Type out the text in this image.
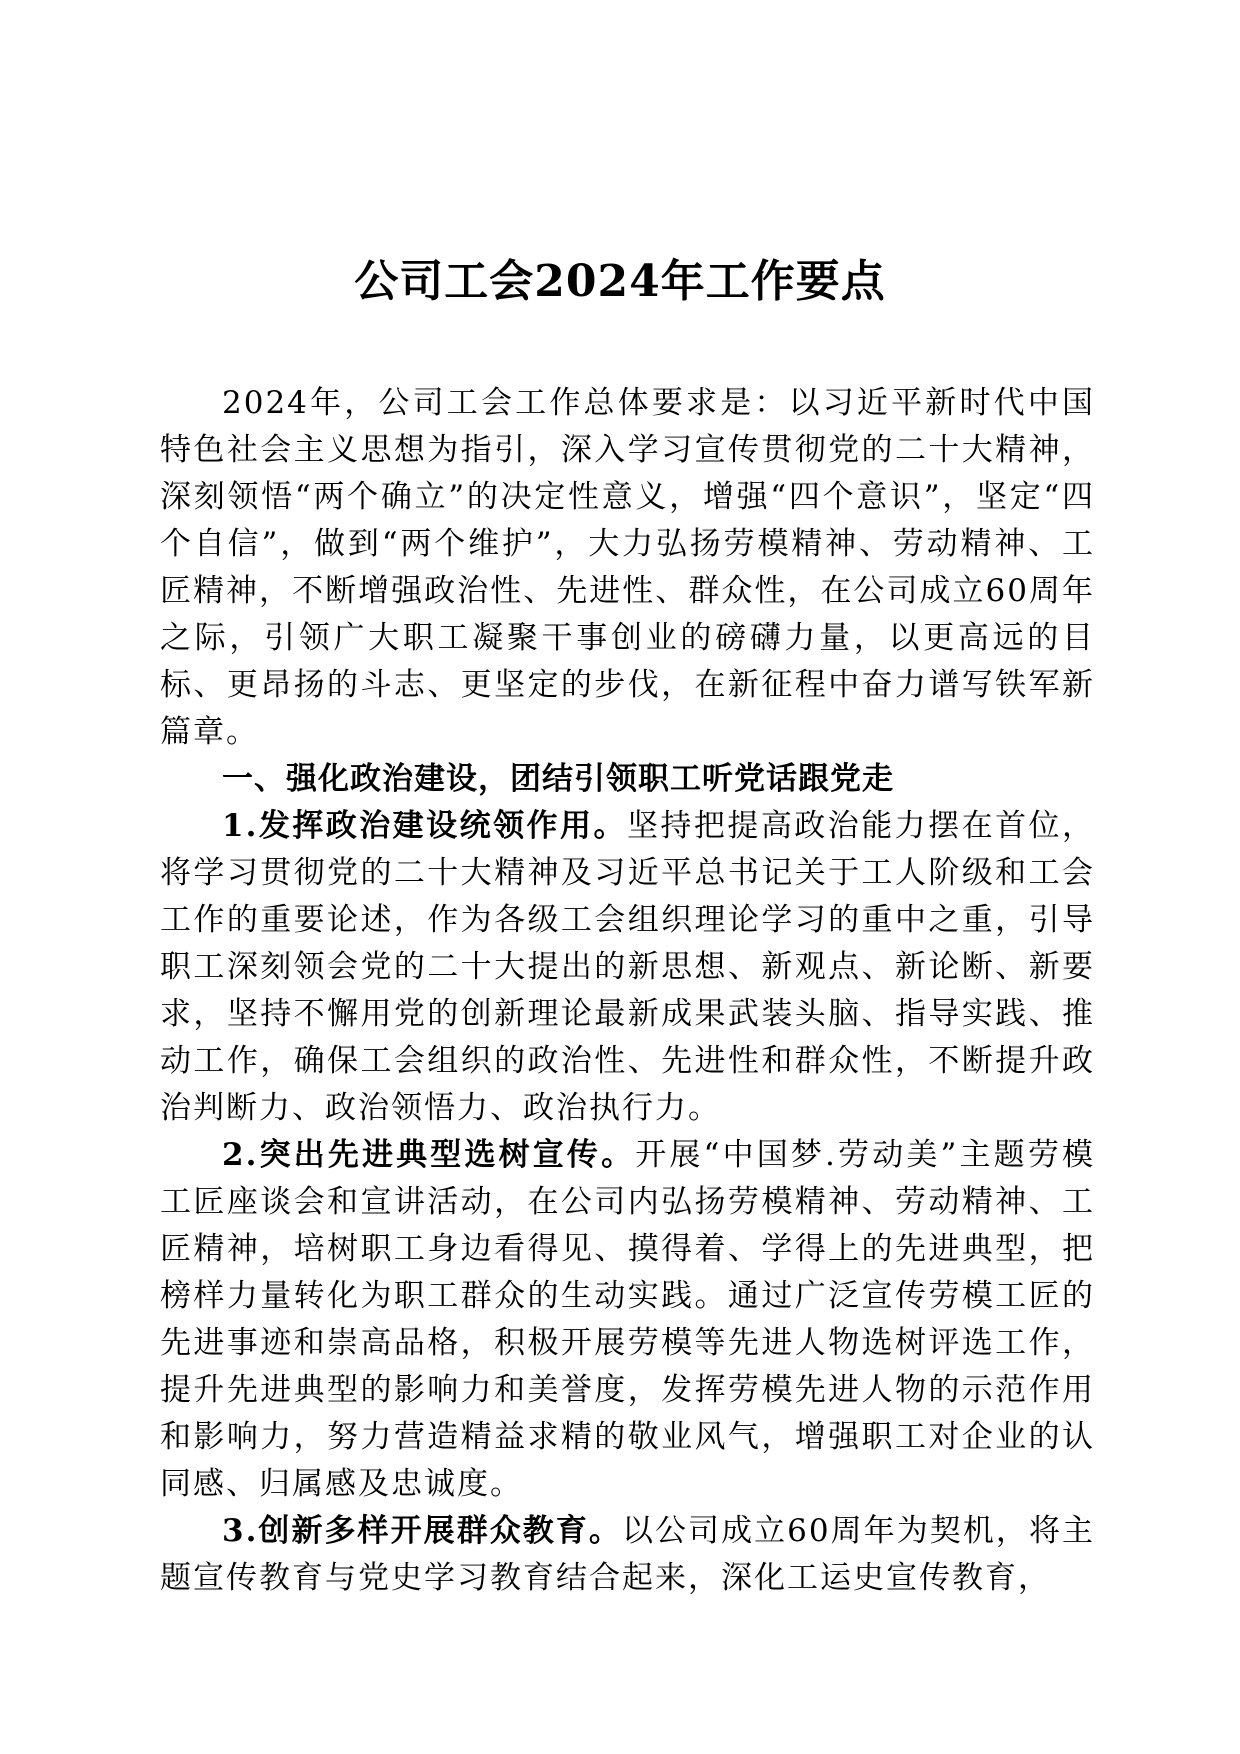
公司工会2024年工作要点

2024年，公司工会工作总体要求是：以习近平新时代中国特色社会主义思想为指引，深入学习宣传贯彻党的二十大精神，深刻领悟“两个确立”的决定性意义，增强“四个意识”，坚定“四个自信”，做到“两个维护”，大力弘扬劳模精神、劳动精神、工匠精神，不断增强政治性、先进性、群众性，在公司成立60周年之际，引领广大职工凝聚干事创业的磅礴力量，以更高远的目标、更昂扬的斗志、更坚定的步伐，在新征程中奋力谱写铁军新篇章。

一、强化政治建设，团结引领职工听党话跟党走

1.发挥政治建设统领作用。坚持把提高政治能力摆在首位，将学习贯彻党的二十大精神及习近平总书记关于工人阶级和工会工作的重要论述，作为各级工会组织理论学习的重中之重，引导职工深刻领会党的二十大提出的新思想、新观点、新论断、新要求，坚持不懈用党的创新理论最新成果武装头脑、指导实践、推动工作，确保工会组织的政治性、先进性和群众性，不断提升政治判断力、政治领悟力、政治执行力。

2.突出先进典型选树宣传。开展“中国梦.劳动美”主题劳模工匠座谈会和宣讲活动，在公司内弘扬劳模精神、劳动精神、工匠精神，培树职工身边看得见、摸得着、学得上的先进典型，把榜样力量转化为职工群众的生动实践。通过广泛宣传劳模工匠的先进事迹和崇高品格，积极开展劳模等先进人物选树评选工作，提升先进典型的影响力和美誉度，发挥劳模先进人物的示范作用和影响力，努力营造精益求精的敬业风气，增强职工对企业的认同感、归属感及忠诚度。

3.创新多样开展群众教育。以公司成立60周年为契机，将主题宣传教育与党史学习教育结合起来，深化工运史宣传教育，
